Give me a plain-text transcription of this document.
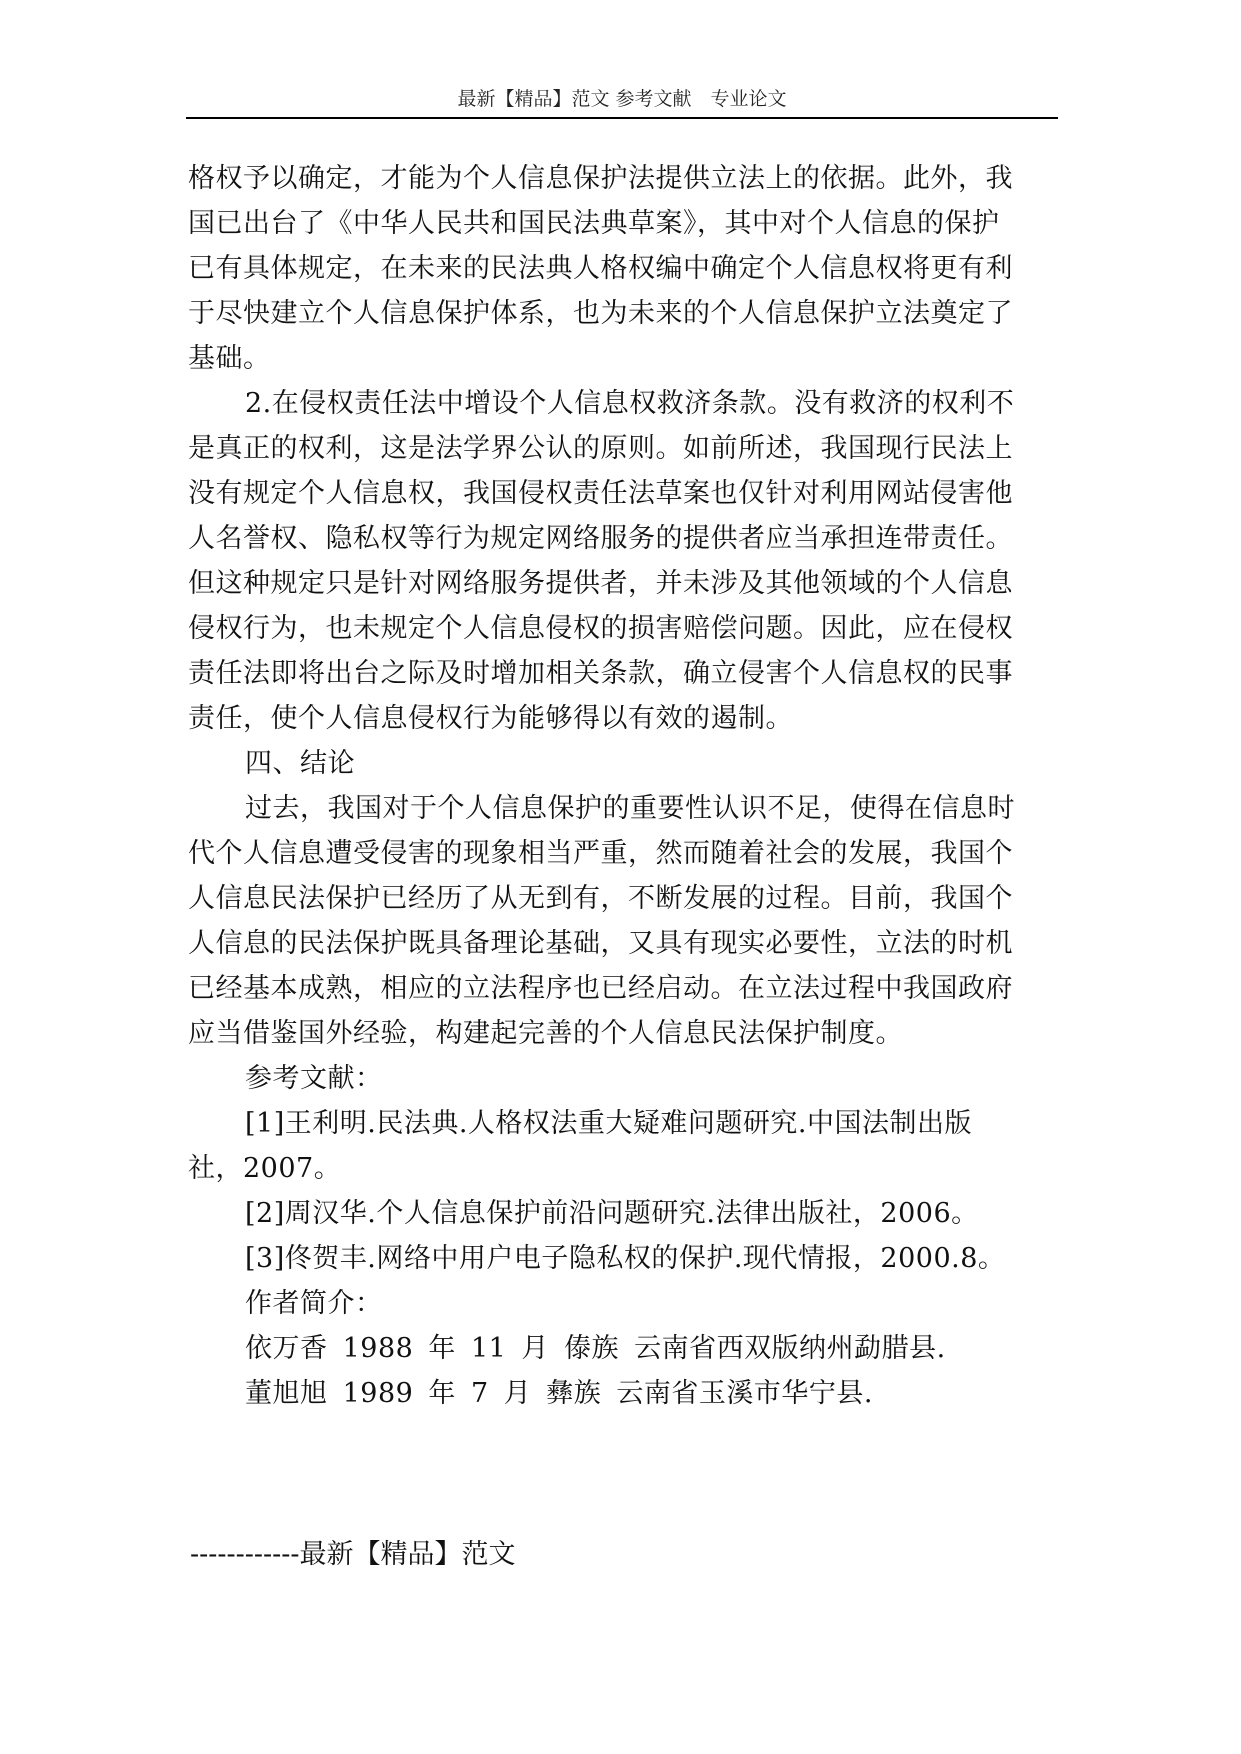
最新【精品】范文 参考文献　专业论文
格权予以确定，才能为个人信息保护法提供立法上的依据。此外，我
国已出台了《中华人民共和国民法典草案》，其中对个人信息的保护
已有具体规定，在未来的民法典人格权编中确定个人信息权将更有利
于尽快建立个人信息保护体系，也为未来的个人信息保护立法奠定了
基础。
2.在侵权责任法中增设个人信息权救济条款。没有救济的权利不
是真正的权利，这是法学界公认的原则。如前所述，我国现行民法上
没有规定个人信息权，我国侵权责任法草案也仅针对利用网站侵害他
人名誉权、隐私权等行为规定网络服务的提供者应当承担连带责任。
但这种规定只是针对网络服务提供者，并未涉及其他领域的个人信息
侵权行为，也未规定个人信息侵权的损害赔偿问题。因此，应在侵权
责任法即将出台之际及时增加相关条款，确立侵害个人信息权的民事
责任，使个人信息侵权行为能够得以有效的遏制。
四、结论
过去，我国对于个人信息保护的重要性认识不足，使得在信息时
代个人信息遭受侵害的现象相当严重，然而随着社会的发展，我国个
人信息民法保护已经历了从无到有，不断发展的过程。目前，我国个
人信息的民法保护既具备理论基础，又具有现实必要性，立法的时机
已经基本成熟，相应的立法程序也已经启动。在立法过程中我国政府
应当借鉴国外经验，构建起完善的个人信息民法保护制度。
参考文献：
[1]王利明.民法典.人格权法重大疑难问题研究.中国法制出版
社，2007。
[2]周汉华.个人信息保护前沿问题研究.法律出版社，2006。
[3]佟贺丰.网络中用户电子隐私权的保护.现代情报，2000.8。
作者简介：
依万香 1988 年 11 月 傣族 云南省西双版纳州勐腊县.
董旭旭 1989 年 7 月 彝族 云南省玉溪市华宁县.
------------最新【精品】范文
